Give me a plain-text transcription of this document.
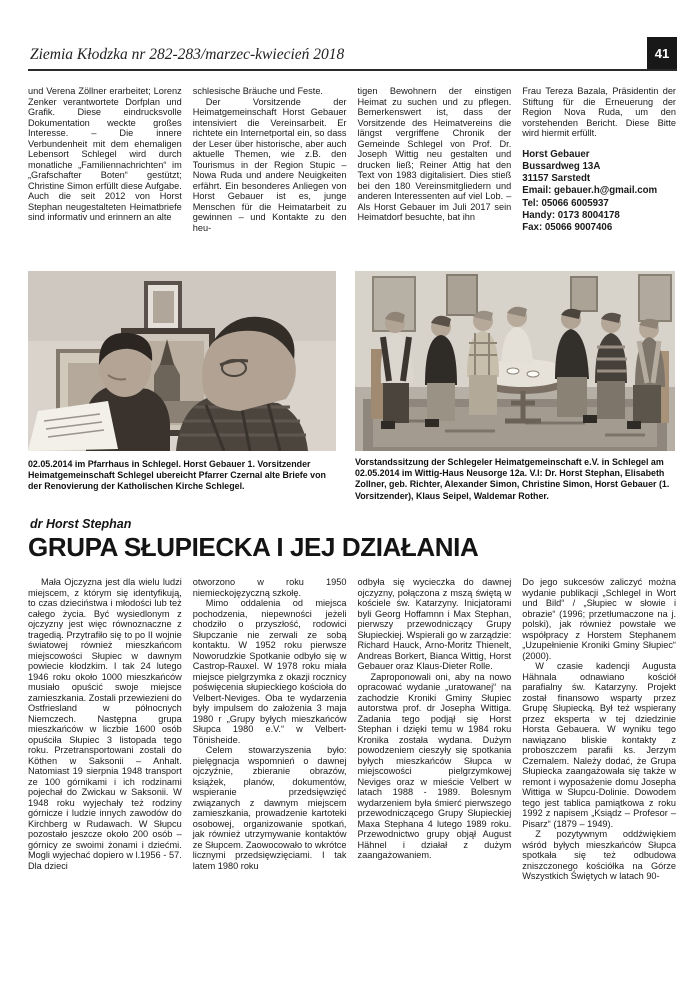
Ziemia Kłodzka nr 282-283/marzec-kwiecień 2018	41

und Verena Zöllner erarbeitet; Lorenz Zenker verantwortete Dorfplan und Grafik. Diese eindrucksvolle Dokumentation weckte großes Interesse. – Die innere Verbundenheit mit dem ehemaligen Lebensort Schlegel wird durch monatliche „Familiennachrichten“ im „Grafschafter Boten“ gestützt; Christine Simon erfüllt diese Aufgabe. Auch die seit 2012 von Horst Stephan neugestalteten Heimatbriefe sind informativ und erinnern an alte

schlesische Bräuche und Feste.

Der Vorsitzende der Heimatgemeinschaft Horst Gebauer intensiviert die Vereinsarbeit. Er richtete ein Internetportal ein, so dass der Leser über historische, aber auch aktuelle Themen, wie z.B. den Tourismus in der Region Stupic – Nowa Ruda und andere Neuigkeiten erfährt. Ein besonderes Anliegen von Horst Gebauer ist es, junge Menschen für die Heimatarbeit zu gewinnen – und Kontakte zu den heu-

tigen Bewohnern der einstigen Heimat zu suchen und zu pflegen. Bemerkenswert ist, dass der Vorsitzende des Heimatvereins die längst vergriffene Chronik der Gemeinde Schlegel von Prof. Dr. Joseph Wittig neu gestalten und drucken ließ; Reiner Attig hat den Text von 1983 digitalisiert. Dies stieß bei den 180 Vereinsmitgliedern und anderen Interessenten auf viel Lob. – Als Horst Gebauer im Juli 2017 sein Heimatdorf besuchte, bat ihn

Frau Tereza Bazala, Präsidentin der Stiftung für die Erneuerung der Region Nova Ruda, um den vorstehenden Bericht. Diese Bitte wird hiermit erfüllt.

Horst Gebauer
Bussardweg 13A
31157 Sarstedt
Email: gebauer.h@gmail.com
Tel: 05066 6005937
Handy: 0173 8004178
Fax: 05066 9007406
02.05.2014 im Pfarrhaus in Schlegel. Horst Gebauer 1. Vorsitzender Heimatgemeinschaft Schlegel ubereicht Pfarrer Czernal alte Briefe von der Renovierung der Katholischen Kirche Schlegel.
Vorstandssitzung der Schlegeler Heimatgemeinschaft e.V. in Schlegel am 02.05.2014 im Wittig-Haus Neusorge 12a. V.l: Dr. Horst Stephan, Elisabeth Zollner, geb. Richter, Alexander Simon, Christine Simon, Horst Gebauer (1. Vorsitzender), Klaus Seipel, Waldemar Rother.
dr Horst Stephan
GRUPA SŁUPIECKA I JEJ DZIAŁANIA

Mała Ojczyzna jest dla wielu ludzi miejscem, z którym się identyfikują, to czas dzieciństwa i młodości lub też całego życia. Być wysiedlonym z ojczyzny jest więc równoznaczne z tragedią. Przytrafiło się to po II wojnie światowej również mieszkańcom miejscowości Słupiec w dawnym powiecie kłodzkim. I tak 24 lutego 1946 roku około 1000 mieszkańców musiało opuścić swoje miejsce zamieszkania. Zostali przewiezieni do Ostfriesland w północnych Niemczech. Następna grupa mieszkańców w liczbie 1600 osób opuściła Słupiec 3 listopada tego roku. Przetransportowani zostali do Köthen w Saksonii – Anhalt. Natomiast 19 sierpnia 1948 transport ze 100 górnikami i ich rodzinami pojechał do Zwickau w Saksonii. W 1948 roku wyjechały też rodziny górnicze i ludzie innych zawodów do Kirchberg w Rudawach. W Słupcu pozostało jeszcze około 200 osób – górnicy ze swoimi żonami i dziećmi. Mogli wyjechać dopiero w l.1956 - 57. Dla dzieci

otworzono w roku 1950 niemieckojęzyczną szkołę.

Mimo oddalenia od miejsca pochodzenia, niepewności jeżeli chodziło o przyszłość, rodowici Słupczanie nie zerwali ze sobą kontaktu. W 1952 roku pierwsze Noworudzkie Spotkanie odbyło się w Castrop-Rauxel. W 1978 roku miała miejsce pielgrzymka z okazji rocznicy poświęcenia słupieckiego kościoła do Velbert-Neviges. Oba te wydarzenia były impulsem do założenia 3 maja 1980 r „Grupy byłych mieszkańców Słupca 1980 e.V.“ w Velbert-Tönisheide.

Celem stowarzyszenia było: pielęgnacja wspomnień o dawnej ojczyźnie, zbieranie obrazów, książek, planów, dokumentów, wspieranie przedsięwzięć związanych z dawnym miejscem zamieszkania, prowadzenie kartoteki osobowej, organizowanie spotkań, jak również utrzymywanie kontaktów ze Słupcem. Zaowocowało to wkrótce licznymi przedsięwzięciami. I tak latem 1980 roku

odbyła się wycieczka do dawnej ojczyzny, połączona z mszą świętą w kościele św. Katarzyny. Inicjatorami byli Georg Hoffamnn i Max Stephan, pierwszy przewodniczący Grupy Słupieckiej. Wspierali go w zarządzie: Richard Hauck, Arno-Moritz Thienelt, Andreas Borkert, Bianca Wittig, Horst Gebauer oraz Klaus-Dieter Rolle.

Zaproponowali oni, aby na nowo opracować wydanie „uratowanej“ na zachodzie Kroniki Gminy Słupiec autorstwa prof. dr Josepha Wittiga. Zadania tego podjął się Horst Stephan i dzięki temu w 1984 roku Kronika została wydana. Dużym powodzeniem cieszyły się spotkania byłych mieszkańców Słupca w miejscowości pielgrzymkowej Neviges oraz w mieście Velbert w latach 1988 - 1989. Bolesnym wydarzeniem była śmierć pierwszego przewodniczącego Grupy Słupieckiej Maxa Stephana 4 lutego 1989 roku. Przewodnictwo grupy objął August Hähnel i działał z dużym zaangażowaniem.

Do jego sukcesów zaliczyć można wydanie publikacji „Schlegel in Wort und Bild“ / „Słupiec w słowie i obrazie“ (1996; przetłumaczone na j. polski), jak również powstałe we współpracy z Horstem Stephanem „Uzupełnienie Kroniki Gminy Słupiec“ (2000).

W czasie kadencji Augusta Hähnala odnawiano kościół parafialny św. Katarzyny. Projekt został finansowo wsparty przez Grupę Słupiecką. Był też wspierany przez eksperta w tej dziedzinie Horsta Gebauera. W wyniku tego nawiązano bliskie kontakty z proboszczem parafii ks. Jerzym Czernalem. Należy dodać, że Grupa Słupiecka zaangażowała się także w remont i wyposażenie domu Josepha Wittiga w Słupcu-Dolinie. Dowodem tego jest tablica pamiątkowa z roku 1992 z napisem „Ksiądz – Profesor – Pisarz“ (1879 – 1949).

Z pozytywnym oddźwiękiem wśród byłych mieszkańców Słupca spotkała się też odbudowa zniszczonego kościółka na Górze Wszystkich Świętych w latach 90-
